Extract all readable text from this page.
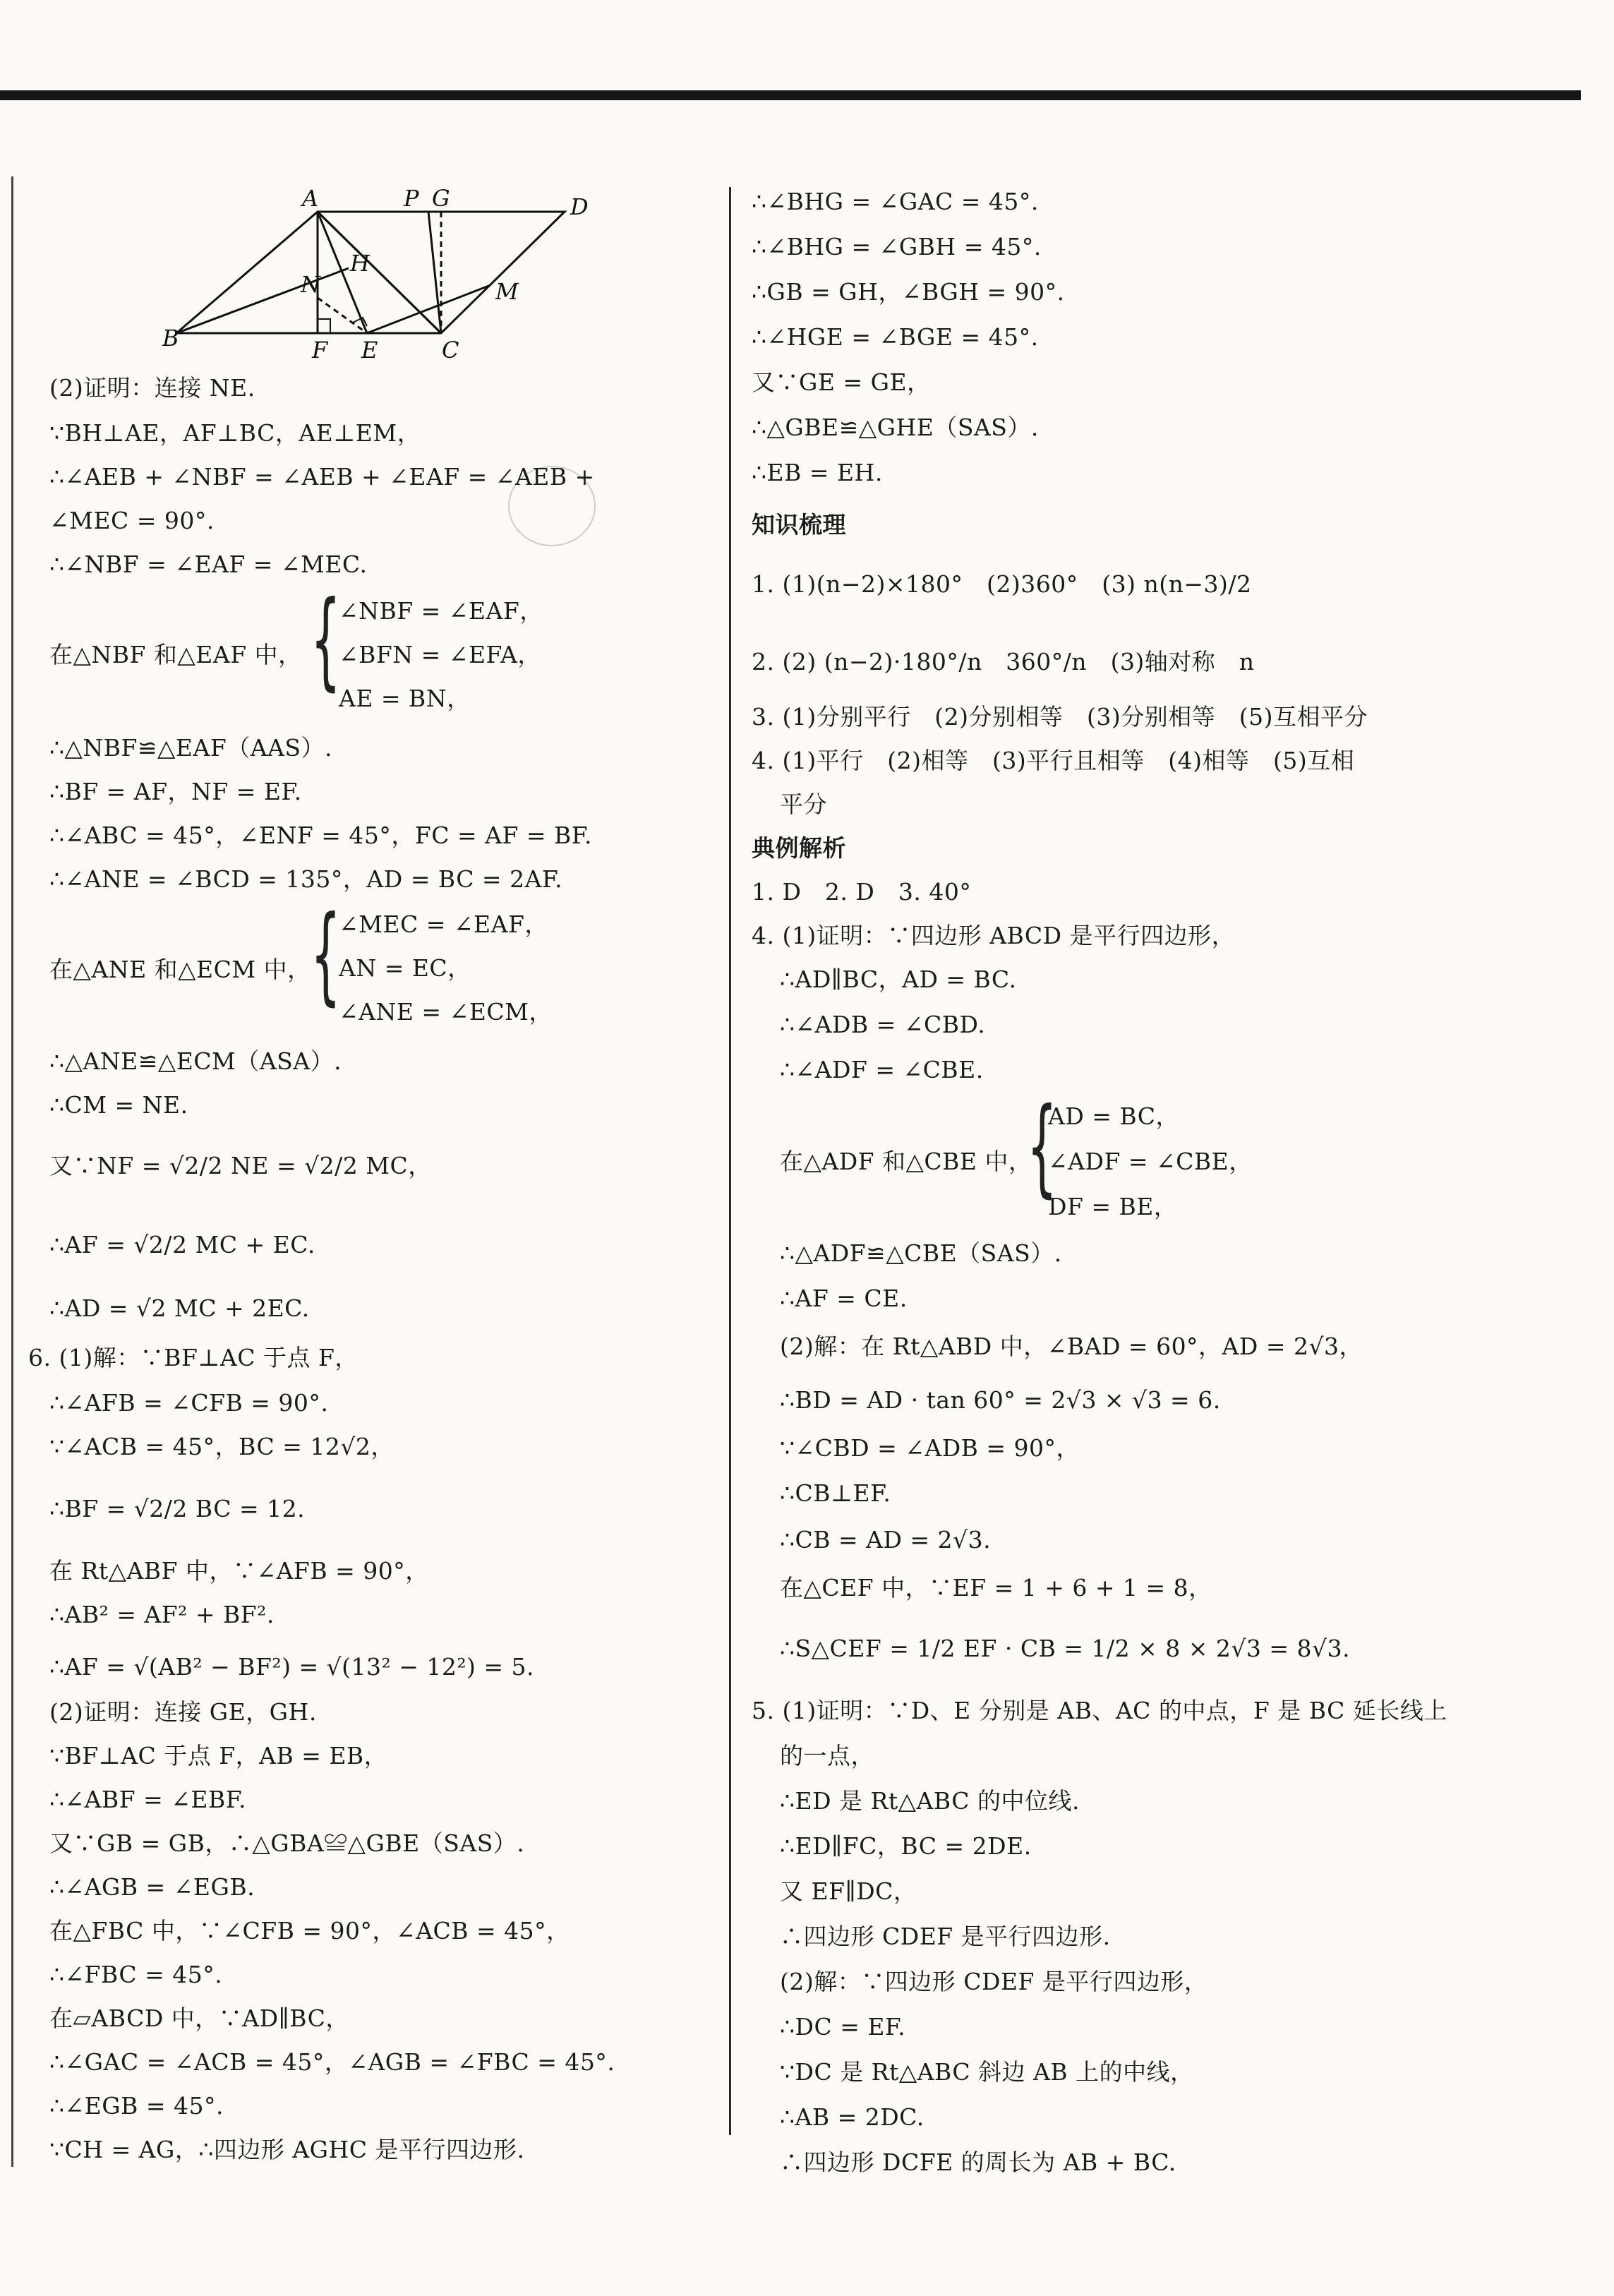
A	P G	D
N
H
M
B	F E	C
(2)证明：连接 NE.
∵BH⊥AE，AF⊥BC，AE⊥EM，
∴∠AEB + ∠NBF = ∠AEB + ∠EAF = ∠AEB +
∠MEC = 90°.
∴∠NBF = ∠EAF = ∠MEC.
在△NBF 和△EAF 中， {
∠NBF = ∠EAF，
∠BFN = ∠EFA，
AE = BN，
∴△NBF≌△EAF（AAS）.
∴BF = AF，NF = EF.
∴∠ABC = 45°，∠ENF = 45°，FC = AF = BF.
∴∠ANE = ∠BCD = 135°，AD = BC = 2AF.
在△ANE 和△ECM 中， {
∠MEC = ∠EAF，
AN = EC，
∠ANE = ∠ECM，
∴△ANE≌△ECM（ASA）.
∴CM = NE.
又∵NF = √2/2 NE = √2/2 MC，
∴AF = √2/2 MC + EC.
∴AD = √2 MC + 2EC.
6. (1)解：∵BF⊥AC 于点 F，
∴∠AFB = ∠CFB = 90°.
∵∠ACB = 45°，BC = 12√2，
∴BF = √2/2 BC = 12.
在 Rt△ABF 中，∵∠AFB = 90°，
∴AB² = AF² + BF².
∴AF = √(AB² − BF²) = √(13² − 12²) = 5.
(2)证明：连接 GE，GH.
∵BF⊥AC 于点 F，AB = EB，
∴∠ABF = ∠EBF.
又∵GB = GB，∴△GBA≌△GBE（SAS）.
∴∠AGB = ∠EGB.
在△FBC 中，∵∠CFB = 90°，∠ACB = 45°，
∴∠FBC = 45°.
在▱ABCD 中，∵AD∥BC，
∴∠GAC = ∠ACB = 45°，∠AGB = ∠FBC = 45°.
∴∠EGB = 45°.
∵CH = AG，∴四边形 AGHC 是平行四边形.
∴∠BHG = ∠GAC = 45°.
∴∠BHG = ∠GBH = 45°.
∴GB = GH，∠BGH = 90°.
∴∠HGE = ∠BGE = 45°.
又∵GE = GE，
∴△GBE≌△GHE（SAS）.
∴EB = EH.
知识梳理
1. (1)(n−2)×180°　(2)360°　(3) n(n−3)/2
2. (2) (n−2)·180°/n　360°/n　(3)轴对称　n
3. (1)分别平行　(2)分别相等　(3)分别相等　(5)互相平分
4. (1)平行　(2)相等　(3)平行且相等　(4)相等　(5)互相
平分
典例解析
1. D　2. D　3. 40°
4. (1)证明：∵四边形 ABCD 是平行四边形，
∴AD∥BC，AD = BC.
∴∠ADB = ∠CBD.
∴∠ADF = ∠CBE.
在△ADF 和△CBE 中，
{
AD = BC，
∠ADF = ∠CBE，
DF = BE，
∴△ADF≌△CBE（SAS）.
∴AF = CE.
(2)解：在 Rt△ABD 中，∠BAD = 60°，AD = 2√3，
∴BD = AD · tan 60° = 2√3 × √3 = 6.
∵∠CBD = ∠ADB = 90°，
∴CB⊥EF.
∴CB = AD = 2√3.
在△CEF 中，∵EF = 1 + 6 + 1 = 8，
∴S△CEF = 1/2 EF · CB = 1/2 × 8 × 2√3 = 8√3.
5. (1)证明：∵D、E 分别是 AB、AC 的中点，F 是 BC 延长线上
的一点，
∴ED 是 Rt△ABC 的中位线.
∴ED∥FC，BC = 2DE.
又 EF∥DC，
∴四边形 CDEF 是平行四边形.
(2)解：∵四边形 CDEF 是平行四边形，
∴DC = EF.
∵DC 是 Rt△ABC 斜边 AB 上的中线，
∴AB = 2DC.
∴四边形 DCFE 的周长为 AB + BC.
